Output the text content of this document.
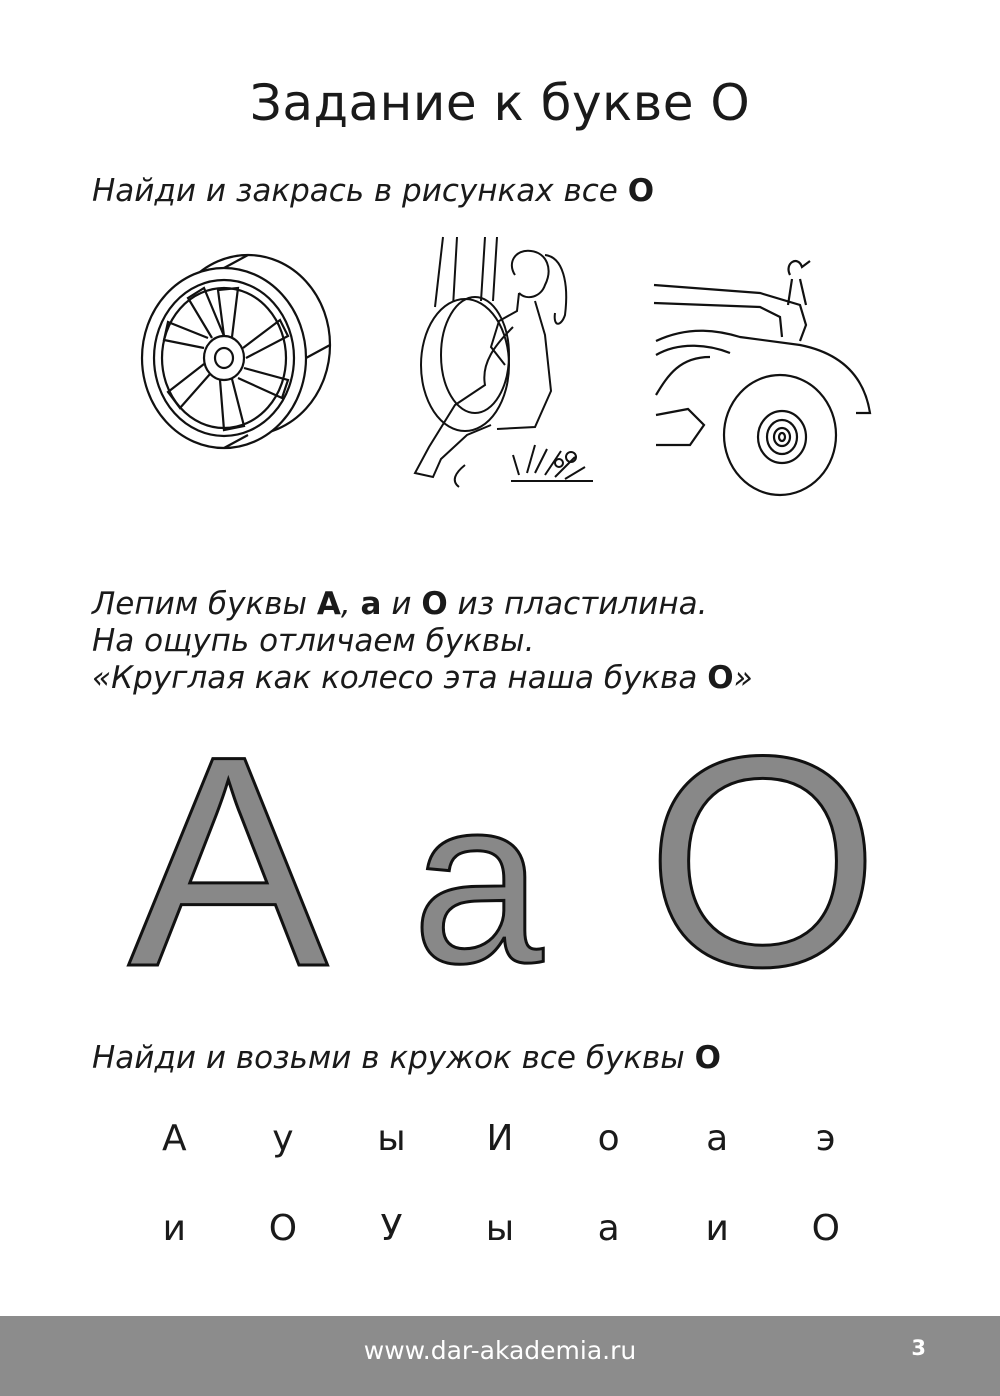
Задание к букве О
Найди и закрась в рисунках все О
Лепим буквы А, а и О из пластилина.
На ощупь отличаем буквы.
«Круглая как колесо эта наша буква О»
А а О
Найди и возьми в кружок все буквы О
А	у	ы	И	о	а	э
и	О	У	ы	а	и	О
www.dar-akademia.ru	3
